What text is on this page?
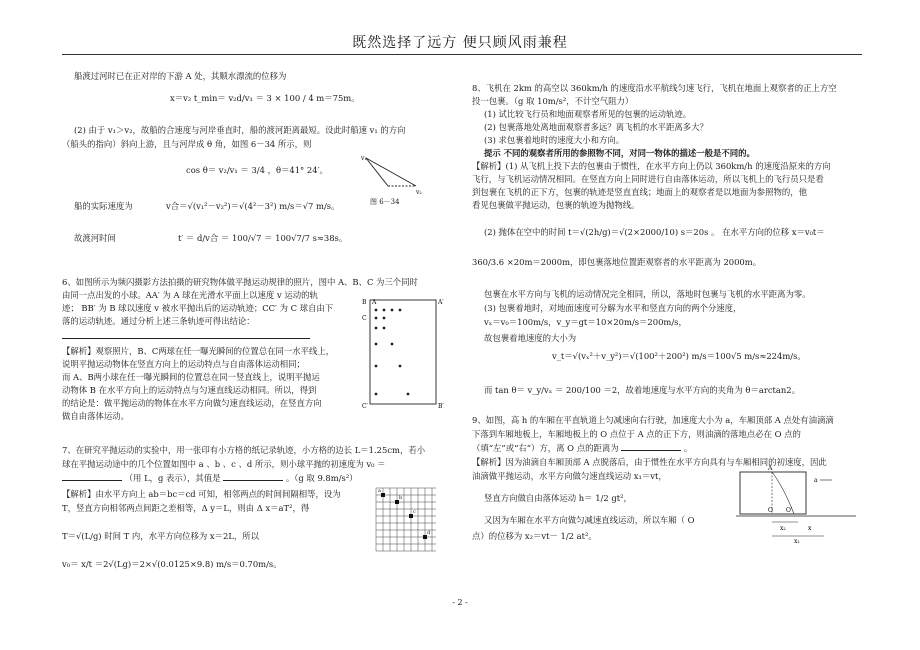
既然选择了远方 便只顾风雨兼程
船渡过河时已在正对岸的下游 A 处，其顺水漂流的位移为
x＝v₂ t_min＝ v₂d/v₁ ＝ 3 × 100 / 4 m＝75m。
(2) 由于 v₁＞v₂，故船的合速度与河岸垂直时，船的渡河距离最短。设此时船速 v₁ 的方向
（船头的指向）斜向上游，且与河岸成 θ 角，如图 6－34 所示，则
cos θ＝ v₂/v₁ ＝ 3/4 ，θ＝41° 24′。
v₁
v₂
图 6－34
船的实际速度为	v合＝√(v₁²－v₂²)＝√(4²－3²) m/s＝√7 m/s。
故渡河时间	t′ ＝ d/v合 ＝ 100/√7 ＝ 100√7/7 s≈38s。
6、如图所示为频闪摄影方法拍摄的研究物体做平抛运动规律的照片，图中 A、B、C 为三个同时
由同一点出发的小球。AA′ 为 A 球在光滑水平面上以速度 v 运动的轨
迹； BB′ 为 B 球以速度 v 被水平抛出后的运动轨迹；CC′ 为 C 球自由下
落的运动轨迹。通过分析上述三条轨迹可得出结论：
【解析】观察照片，B、C两球在任一曝光瞬间的位置总在同一水平线上，
说明平抛运动物体在竖直方向上的运动特点与自由落体运动相同；
而 A、B两小球在任一曝光瞬间的位置总在同一竖直线上，说明平抛运
动物体 B 在水平方向上的运动特点与匀速直线运动相同。所以，得到
的结论是：做平抛运动的物体在水平方向做匀速直线运动，在竖直方向
做自由落体运动。
B A	A′
C
C′	B′
7、在研究平抛运动的实验中，用一张印有小方格的纸记录轨迹，小方格的边长 L＝1.25cm，若小
球在平抛运动途中的几个位置如图中 a 、b 、c 、d 所示，则小球平抛的初速度为 v₀ ＝
（用 L，g 表示），其值是	。（g 取 9.8m/s²）
【解析】由水平方向上 ab＝bc＝cd 可知，相邻两点的时间间隔相等，设为
T，竖直方向相邻两点间距之差相等，Δ y＝L，则由 Δ x＝aT²，得
T＝√(L/g) 时间 T 内，水平方向位移为 x＝2L，所以
v₀＝ x/t ＝2√(Lg)＝2×√(0.0125×9.8) m/s＝0.70m/s。
a
b
c
d
8、飞机在 2km 的高空以 360km/h 的速度沿水平航线匀速飞行，飞机在地面上观察者的正上方空
投一包裹。（g 取 10m/s²，不计空气阻力）
(1) 试比较飞行员和地面观察者所见的包裹的运动轨迹。
(2) 包裹落地处离地面观察者多远？离飞机的水平距离多大？
(3) 求包裹着地时的速度大小和方向。
提示 不同的观察者所用的参照物不同，对同一物体的描述一般是不同的。
【解析】(1) 从飞机上投下去的包裹由于惯性，在水平方向上仍以 360km/h 的速度沿原来的方向
飞行，与飞机运动情况相同。在竖直方向上同时进行自由落体运动，所以飞机上的飞行员只是看
到包裹在飞机的正下方，包裹的轨迹是竖直直线；地面上的观察者是以地面为参照物的，他
看见包裹做平抛运动，包裹的轨迹为抛物线。
(2) 抛体在空中的时间 t＝√(2h/g)＝√(2×2000/10) s＝20s 。 在水平方向的位移 x＝v₀t＝
360/3.6 ×20m＝2000m，即包裹落地位置距观察者的水平距离为 2000m。
包裹在水平方向与飞机的运动情况完全相同，所以，落地时包裹与飞机的水平距离为零。
(3) 包裹着地时，对地面速度可分解为水平和竖直方向的两个分速度，
vₓ＝v₀＝100m/s，v_y＝gt＝10×20m/s＝200m/s，
故包裹着地速度的大小为
v_t＝√(vₓ²＋v_y²)＝√(100²＋200²) m/s＝100√5 m/s≈224m/s。
而 tan θ＝ v_y/vₓ ＝ 200/100 ＝2，故着地速度与水平方向的夹角为 θ＝arctan2。
9、如图，高 h 的车厢在平直轨道上匀减速向右行驶，加速度大小为 a，车厢顶部 A 点处有油滴滴
下落到车厢地板上，车厢地板上的 O 点位于 A 点的正下方，则油滴的落地点必在 O 点的
（填“左”或“右”）方，离 O 点的距离为	。
【解析】因为油滴自车厢顶部 A 点脱落后，由于惯性在水平方向具有与车厢相同的初速度，因此
油滴做平抛运动，水平方向做匀速直线运动 x₁＝vt，
竖直方向做自由落体运动 h＝ 1/2 gt²，
又因为车厢在水平方向做匀减速直线运动，所以车厢（ O
点）的位移为 x₂＝vt－ 1/2 at²。
A
a
O O′
x₂	x
x₁
- 2 -
